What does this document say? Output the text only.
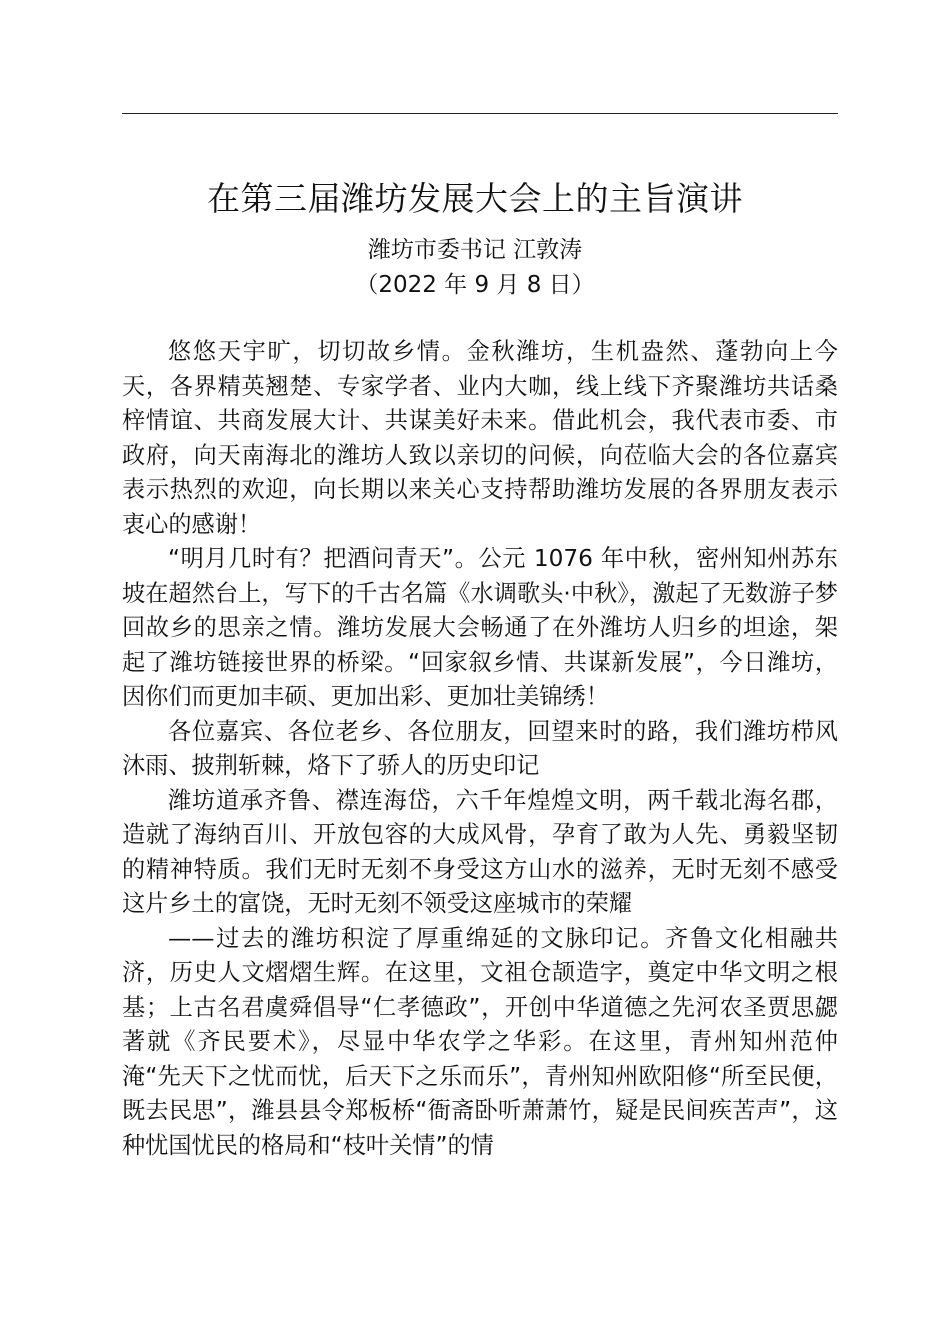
在第三届潍坊发展大会上的主旨演讲
潍坊市委书记 江敦涛
（2022 年 9 月 8 日）

悠悠天宇旷，切切故乡情。金秋潍坊，生机盎然、蓬勃向上今天，各界精英翘楚、专家学者、业内大咖，线上线下齐聚潍坊共话桑梓情谊、共商发展大计、共谋美好未来。借此机会，我代表市委、市政府，向天南海北的潍坊人致以亲切的问候，向莅临大会的各位嘉宾表示热烈的欢迎，向长期以来关心支持帮助潍坊发展的各界朋友表示衷心的感谢！

“明月几时有？把酒问青天”。公元 1076 年中秋，密州知州苏东坡在超然台上，写下的千古名篇《水调歌头·中秋》，激起了无数游子梦回故乡的思亲之情。潍坊发展大会畅通了在外潍坊人归乡的坦途，架起了潍坊链接世界的桥梁。“回家叙乡情、共谋新发展”，今日潍坊，因你们而更加丰硕、更加出彩、更加壮美锦绣！

各位嘉宾、各位老乡、各位朋友，回望来时的路，我们潍坊栉风沐雨、披荆斩棘，烙下了骄人的历史印记

潍坊道承齐鲁、襟连海岱，六千年煌煌文明，两千载北海名郡，造就了海纳百川、开放包容的大成风骨，孕育了敢为人先、勇毅坚韧的精神特质。我们无时无刻不身受这方山水的滋养，无时无刻不感受这片乡土的富饶，无时无刻不领受这座城市的荣耀

——过去的潍坊积淀了厚重绵延的文脉印记。齐鲁文化相融共济，历史人文熠熠生辉。在这里，文祖仓颉造字，奠定中华文明之根基；上古名君虞舜倡导“仁孝德政”，开创中华道德之先河农圣贾思勰著就《齐民要术》，尽显中华农学之华彩。在这里，青州知州范仲淹“先天下之忧而忧，后天下之乐而乐”，青州知州欧阳修“所至民便，既去民思”，潍县县令郑板桥“衙斋卧听萧萧竹，疑是民间疾苦声”，这种忧国忧民的格局和“枝叶关情”的情
